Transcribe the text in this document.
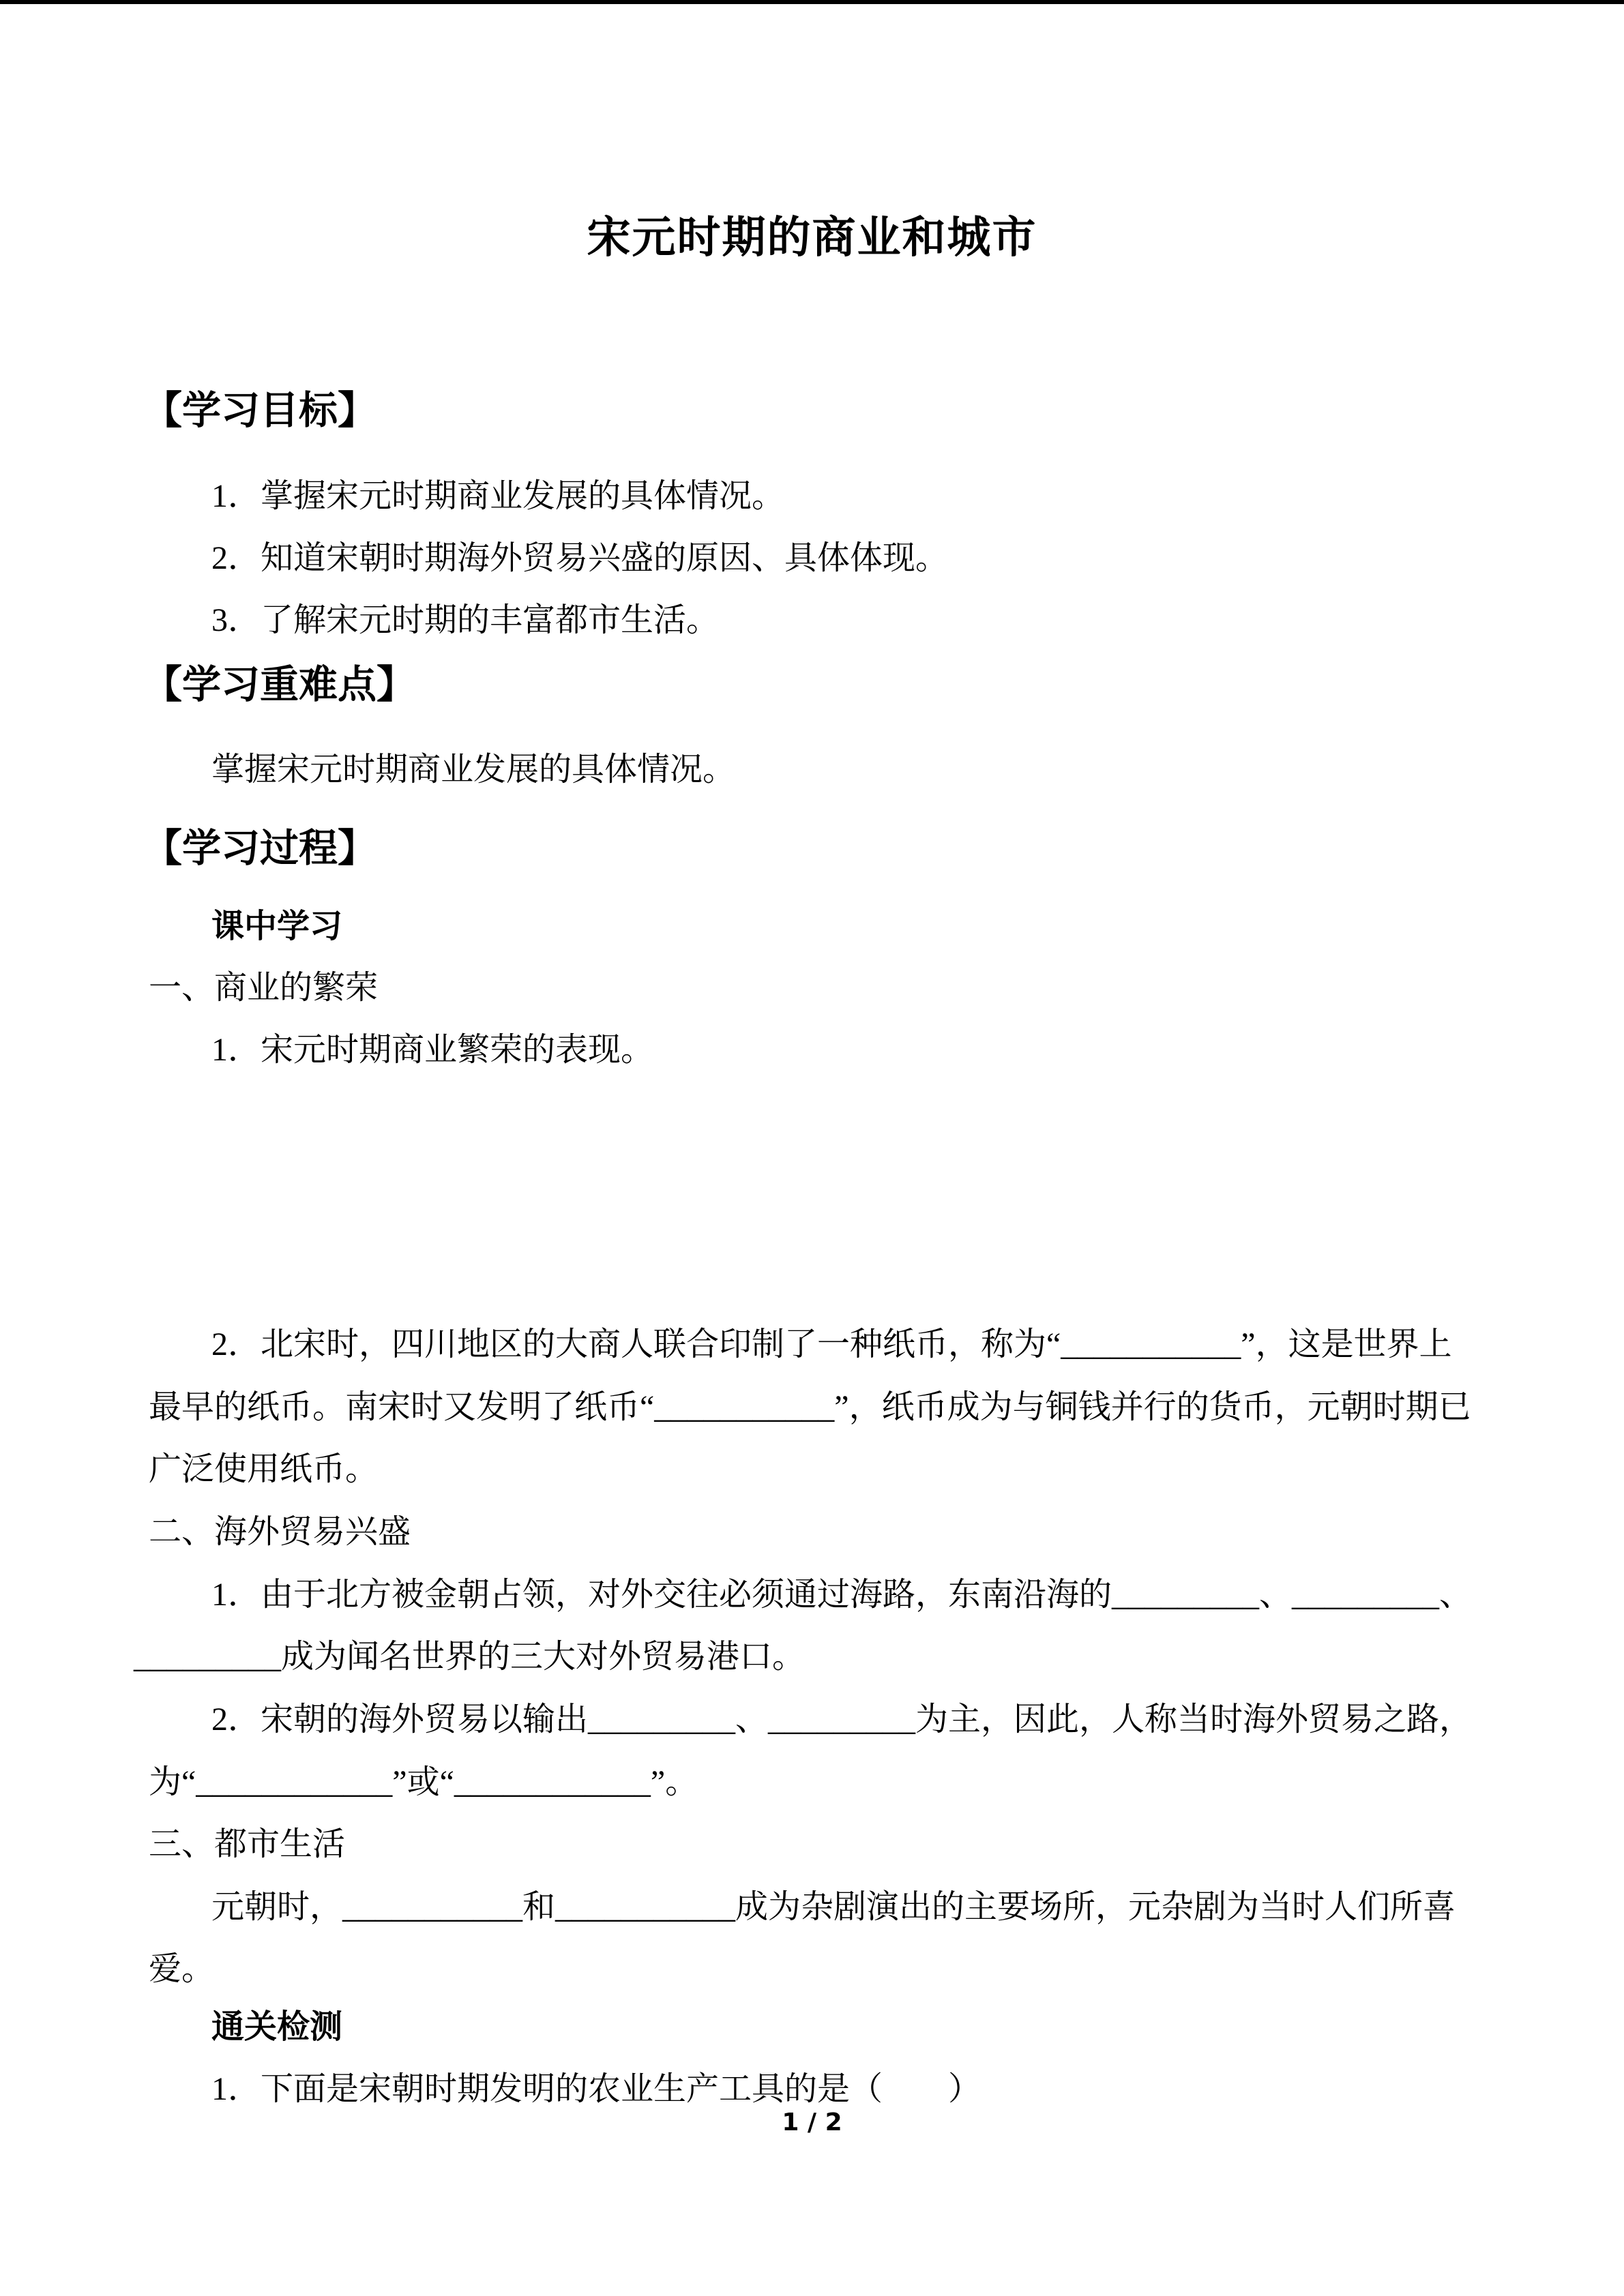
宋元时期的商业和城市
【学习目标】
1．掌握宋元时期商业发展的具体情况。
2．知道宋朝时期海外贸易兴盛的原因、具体体现。
3．了解宋元时期的丰富都市生活。
【学习重难点】
掌握宋元时期商业发展的具体情况。
【学习过程】
课中学习
一、商业的繁荣
1．宋元时期商业繁荣的表现。
2．北宋时，四川地区的大商人联合印制了一种纸币，称为“___________”，这是世界上
最早的纸币。南宋时又发明了纸币“___________”，纸币成为与铜钱并行的货币，元朝时期已
广泛使用纸币。
二、海外贸易兴盛
1．由于北方被金朝占领，对外交往必须通过海路，东南沿海的_________、_________、
_________成为闻名世界的三大对外贸易港口。
2．宋朝的海外贸易以输出_________、_________为主，因此，人称当时海外贸易之路，
为“____________”或“____________”。
三、都市生活
元朝时，___________和___________成为杂剧演出的主要场所，元杂剧为当时人们所喜
爱。
通关检测
1．下面是宋朝时期发明的农业生产工具的是（　　）
1 / 2
